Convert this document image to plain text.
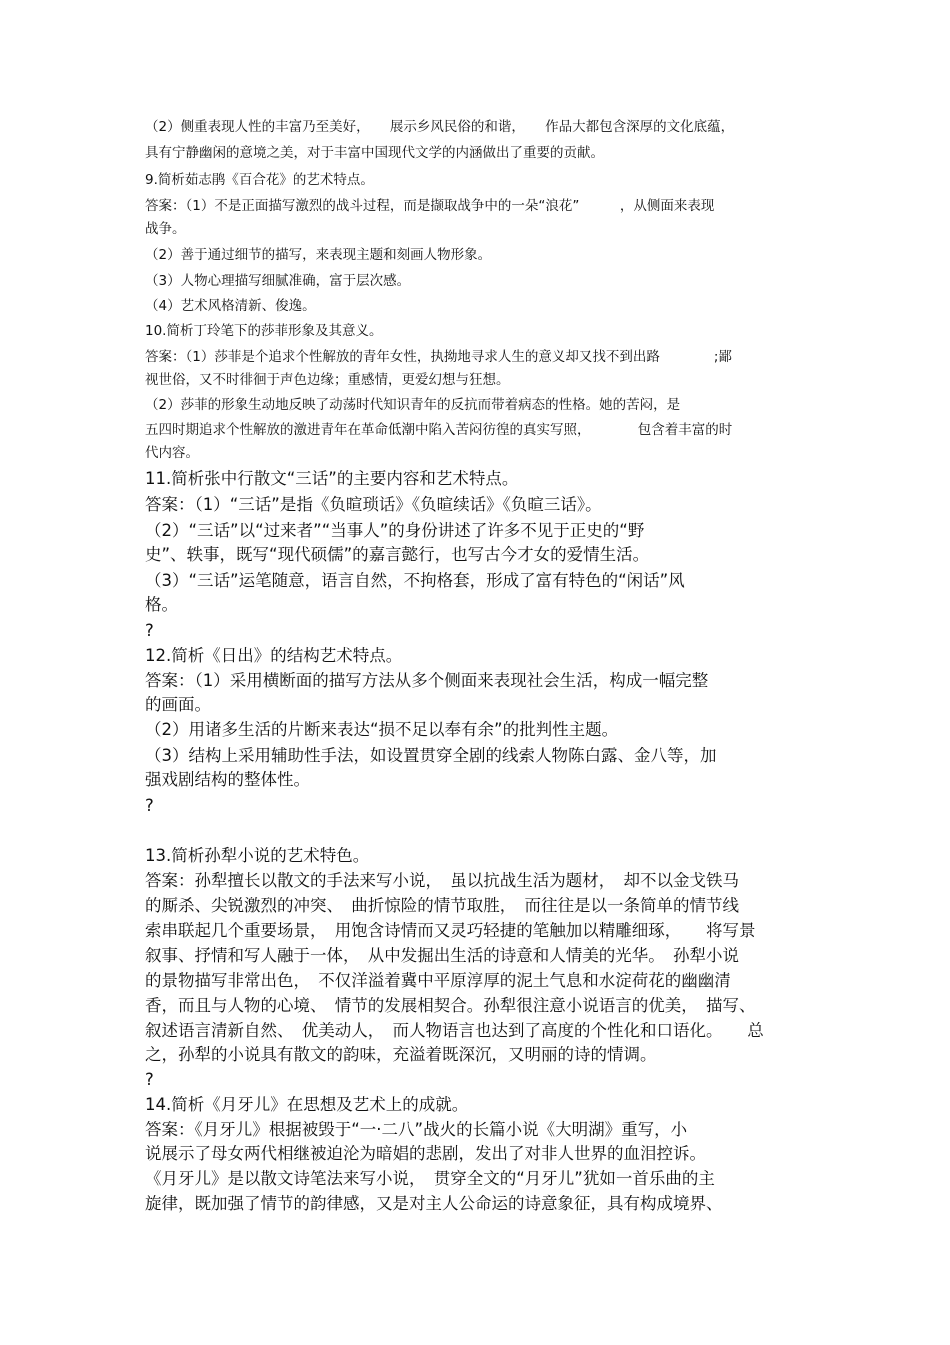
（2）侧重表现人性的丰富乃至美好，　　展示乡风民俗的和谐，　　作品大都包含深厚的文化底蕴，
具有宁静幽闲的意境之美，对于丰富中国现代文学的内涵做出了重要的贡献。
9.简析茹志鹃《百合花》的艺术特点。
答案：（1）不是正面描写激烈的战斗过程，而是撷取战争中的一朵“浪花”　　　，从侧面来表现
战争。
（2）善于通过细节的描写，来表现主题和刻画人物形象。
（3）人物心理描写细腻准确，富于层次感。
（4）艺术风格清新、俊逸。
10.简析丁玲笔下的莎菲形象及其意义。
答案：（1）莎菲是个追求个性解放的青年女性，执拗地寻求人生的意义却又找不到出路　　　　;鄙
视世俗，又不时徘徊于声色边缘；重感情，更爱幻想与狂想。
（2）莎菲的形象生动地反映了动荡时代知识青年的反抗而带着病态的性格。她的苦闷，是
五四时期追求个性解放的激进青年在革命低潮中陷入苦闷彷徨的真实写照，　　　　包含着丰富的时
代内容。
11.简析张中行散文“三话”的主要内容和艺术特点。
答案：（1）“三话”是指《负暄琐话》《负暄续话》《负暄三话》。
（2）“三话”以“过来者”“当事人”的身份讲述了许多不见于正史的“野
史”、轶事，既写“现代硕儒”的嘉言懿行，也写古今才女的爱情生活。
（3）“三话”运笔随意，语言自然，不拘格套，形成了富有特色的“闲话”风
格。
?
12.简析《日出》的结构艺术特点。
答案：（1）采用横断面的描写方法从多个侧面来表现社会生活，构成一幅完整
的画面。
（2）用诸多生活的片断来表达“损不足以奉有余”的批判性主题。
（3）结构上采用辅助性手法，如设置贯穿全剧的线索人物陈白露、金八等，加
强戏剧结构的整体性。
?
13.简析孙犁小说的艺术特色。
答案：孙犁擅长以散文的手法来写小说，　虽以抗战生活为题材，　却不以金戈铁马
的厮杀、尖锐激烈的冲突、　曲折惊险的情节取胜，　而往往是以一条简单的情节线
索串联起几个重要场景，　用饱含诗情而又灵巧轻捷的笔触加以精雕细琢，　　将写景
叙事、抒情和写人融于一体，　从中发掘出生活的诗意和人情美的光华。　孙犁小说
的景物描写非常出色，　不仅洋溢着冀中平原淳厚的泥土气息和水淀荷花的幽幽清
香，而且与人物的心境、　情节的发展相契合。孙犁很注意小说语言的优美，　描写、
叙述语言清新自然、　优美动人，　而人物语言也达到了高度的个性化和口语化。　　总
之，孙犁的小说具有散文的韵味，充溢着既深沉，又明丽的诗的情调。
?
14.简析《月牙儿》在思想及艺术上的成就。
答案：《月牙儿》根据被毁于“一·二八”战火的长篇小说《大明湖》重写，小
说展示了母女两代相继被迫沦为暗娼的悲剧，发出了对非人世界的血泪控诉。
《月牙儿》是以散文诗笔法来写小说，　贯穿全文的“月牙儿”犹如一首乐曲的主
旋律，既加强了情节的韵律感，又是对主人公命运的诗意象征，具有构成境界、
